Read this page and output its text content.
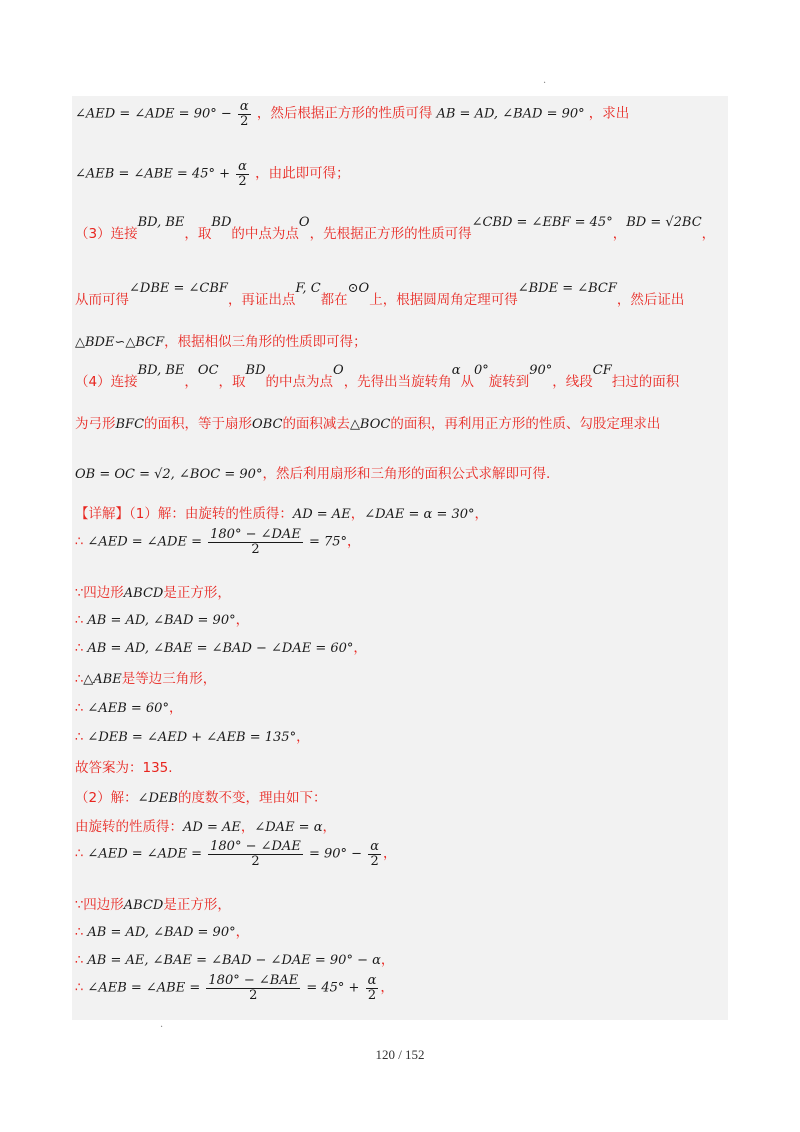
·
·
∠AED = ∠ADE = $90^\circ - \frac{\alpha}{2}$ ，然后根据正方形的性质可得 AB = AD, ∠BAD = 90° ，求出
∠AEB = ∠ABE = $45^\circ + \frac{\alpha}{2}$ ，由此即可得；
（3）连接BD, BE，取BD的中点为点O，先根据正方形的性质可得∠CBD = ∠EBF = 45°，BD = √2BC，
从而可得∠DBE = ∠CBF，再证出点F, C都在⊙O上，根据圆周角定理可得∠BDE = ∠BCF，然后证出
△BDE∽△BCF，根据相似三角形的性质即可得；
（4）连接BD, BE，OC，取BD的中点为点O，先得出当旋转角α从0°旋转到90°，线段CF扫过的面积
为弓形BFC的面积，等于扇形OBC的面积减去△BOC的面积，再利用正方形的性质、勾股定理求出
OB = OC = √2, ∠BOC = 90°，然后利用扇形和三角形的面积公式求解即可得.
【详解】（1）解：由旋转的性质得：AD = AE，∠DAE = α = 30°，
∴ ∠AED = ∠ADE = $\frac{\text{180° − ∠DAE}}{2} = 75^\circ$，
∵四边形ABCD是正方形，
∴ AB = AD, ∠BAD = 90°，
∴ AB = AD, ∠BAE = ∠BAD − ∠DAE = 60°，
∴△ABE是等边三角形，
∴ ∠AEB = 60°，
∴ ∠DEB = ∠AED + ∠AEB = 135°，
故答案为：135.
（2）解：∠DEB的度数不变，理由如下：
由旋转的性质得：AD = AE，∠DAE = α，
∴ ∠AED = ∠ADE = $\frac{\text{180° − ∠DAE}}{2} = 90^\circ - \frac{\alpha}{2}$ ，
∵四边形ABCD是正方形，
∴ AB = AD, ∠BAD = 90°，
∴ AB = AE, ∠BAE = ∠BAD − ∠DAE = 90° − α，
∴ ∠AEB = ∠ABE = $\frac{\text{180° − ∠BAE}}{2} = 45^\circ + \frac{\alpha}{2}$ ，
120 / 152
